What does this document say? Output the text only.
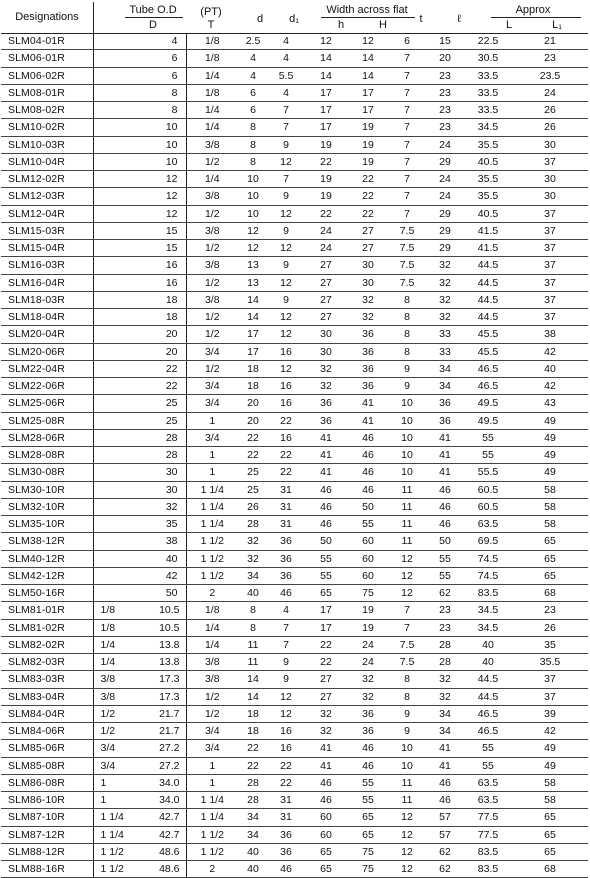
Designations
Tube O.D
D
(PT)
T	d	d₁
Width across flat
h	H	t	ℓ
Approx
L	L₁
SLM04-01R		4	1/8	2.5	4	12	12	6	15	22.5	21
SLM06-01R		6	1/8	4	4	14	14	7	20	30.5	23
SLM06-02R		6	1/4	4	5.5	14	14	7	23	33.5	23.5
SLM08-01R		8	1/8	6	4	17	17	7	23	33.5	24
SLM08-02R		8	1/4	6	7	17	17	7	23	33.5	26
SLM10-02R		10	1/4	8	7	17	19	7	23	34.5	26
SLM10-03R		10	3/8	8	9	19	19	7	24	35.5	30
SLM10-04R		10	1/2	8	12	22	19	7	29	40.5	37
SLM12-02R		12	1/4	10	7	19	22	7	24	35.5	30
SLM12-03R		12	3/8	10	9	19	22	7	24	35.5	30
SLM12-04R		12	1/2	10	12	22	22	7	29	40.5	37
SLM15-03R		15	3/8	12	9	24	27	7.5	29	41.5	37
SLM15-04R		15	1/2	12	12	24	27	7.5	29	41.5	37
SLM16-03R		16	3/8	13	9	27	30	7.5	32	44.5	37
SLM16-04R		16	1/2	13	12	27	30	7.5	32	44.5	37
SLM18-03R		18	3/8	14	9	27	32	8	32	44.5	37
SLM18-04R		18	1/2	14	12	27	32	8	32	44.5	37
SLM20-04R		20	1/2	17	12	30	36	8	33	45.5	38
SLM20-06R		20	3/4	17	16	30	36	8	33	45.5	42
SLM22-04R		22	1/2	18	12	32	36	9	34	46.5	40
SLM22-06R		22	3/4	18	16	32	36	9	34	46.5	42
SLM25-06R		25	3/4	20	16	36	41	10	36	49.5	43
SLM25-08R		25	1	20	22	36	41	10	36	49.5	49
SLM28-06R		28	3/4	22	16	41	46	10	41	55	49
SLM28-08R		28	1	22	22	41	46	10	41	55	49
SLM30-08R		30	1	25	22	41	46	10	41	55.5	49
SLM30-10R		30	1 1/4	25	31	46	46	11	46	60.5	58
SLM32-10R		32	1 1/4	26	31	46	50	11	46	60.5	58
SLM35-10R		35	1 1/4	28	31	46	55	11	46	63.5	58
SLM38-12R		38	1 1/2	32	36	50	60	11	50	69.5	65
SLM40-12R		40	1 1/2	32	36	55	60	12	55	74.5	65
SLM42-12R		42	1 1/2	34	36	55	60	12	55	74.5	65
SLM50-16R		50	2	40	46	65	75	12	62	83.5	68
SLM81-01R	1/8	10.5	1/8	8	4	17	19	7	23	34.5	23
SLM81-02R	1/8	10.5	1/4	8	7	17	19	7	23	34.5	26
SLM82-02R	1/4	13.8	1/4	11	7	22	24	7.5	28	40	35
SLM82-03R	1/4	13.8	3/8	11	9	22	24	7.5	28	40	35.5
SLM83-03R	3/8	17.3	3/8	14	9	27	32	8	32	44.5	37
SLM83-04R	3/8	17.3	1/2	14	12	27	32	8	32	44.5	37
SLM84-04R	1/2	21.7	1/2	18	12	32	36	9	34	46.5	39
SLM84-06R	1/2	21.7	3/4	18	16	32	36	9	34	46.5	42
SLM85-06R	3/4	27.2	3/4	22	16	41	46	10	41	55	49
SLM85-08R	3/4	27.2	1	22	22	41	46	10	41	55	49
SLM86-08R	1	34.0	1	28	22	46	55	11	46	63.5	58
SLM86-10R	1	34.0	1 1/4	28	31	46	55	11	46	63.5	58
SLM87-10R	1 1/4	42.7	1 1/4	34	31	60	65	12	57	77.5	65
SLM87-12R	1 1/4	42.7	1 1/2	34	36	60	65	12	57	77.5	65
SLM88-12R	1 1/2	48.6	1 1/2	40	36	65	75	12	62	83.5	65
SLM88-16R	1 1/2	48.6	2	40	46	65	75	12	62	83.5	68
